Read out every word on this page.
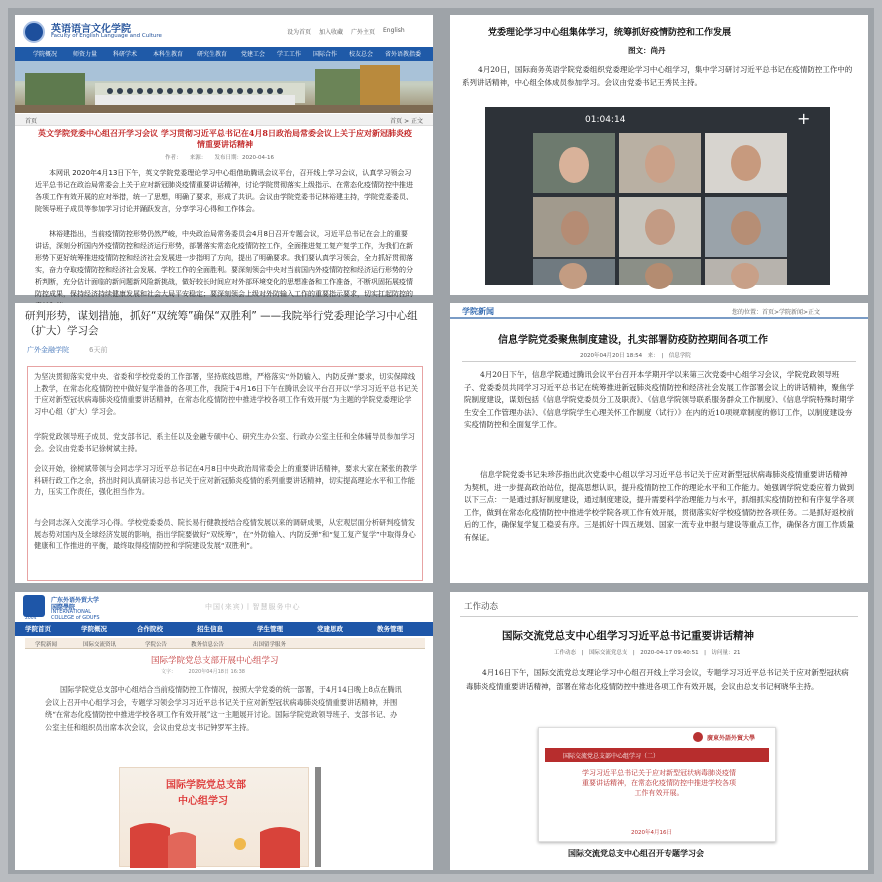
英语语言文化学院
Faculty of English Language and Culture	设为首页 加入收藏 广外主页 English
学院概况	师资力量	科研学术	本科生教育 研究生教育 党建工会 学工工作 国际合作 校友总会 省外语教指委
首页	首页 > 正文
英文学院党委中心组召开学习会议 学习贯彻习近平总书记在4月8日政治局常委会议上关于应对新冠肺炎疫情重要讲话精神
作者：　　来源：　　发布日期：2020-04-16
本网讯 2020年4月13日下午，英文学院党委理论学习中心组借助腾讯会议平台，召开线上学习会议，认真学习领会习近平总书记在政治局常委会上关于应对新冠肺炎疫情重要讲话精神，讨论学院贯彻落实上级指示、在常态化疫情防控中推进各项工作有效开展的应对举措，统一了思想，明确了要求，形成了共识。会议由学院党委书记林裕建主持，学院党委委员、院领导班子成员等参加学习讨论并踊跃发言，分享学习心得和工作体会。
林裕建指出，当前疫情防控形势仍然严峻，中央政治局常务委员会4月8日召开专题会议，习近平总书记在会上的重要讲话，深刻分析国内外疫情防控和经济运行形势，部署落实常态化疫情防控工作，全面推进复工复产复学工作，为我们在新形势下更好统筹推进疫情防控和经济社会发展进一步指明了方向，提出了明确要求。我们要认真学习领会，全力抓好贯彻落实，奋力夺取疫情防控和经济社会发展、学校工作的全面胜利。要深刻领会中央对当前国内外疫情防控和经济运行形势的分析判断，充分估计面临的新问题新风险新挑战，做好较长时间应对外部环境变化的思想准备和工作准备，不断巩固拓展疫情防控成果，保持经济持续健康发展和社会大局平安稳定；要深刻领会上级对外防输入工作的重要指示要求，切实扛起防控的
党委理论学习中心组集体学习，统筹抓好疫情防控和工作发展
图文：尚丹
4月20日，国际商务英语学院党委组织党委理论学习中心组学习，集中学习研讨习近平总书记在疫情防控工作中的系列讲话精神，中心组全体成员参加学习。会议由党委书记王秀民主持。
01:04:14	+
研判形势，谋划措施，抓好“双统筹”确保“双胜利” ——我院举行党委理论学习中心组（扩大）学习会
广外金融学院	6天前
为坚决贯彻落实党中央、省委和学校党委的工作部署，坚持底线思维，严格落实“外防输入、内防反弹”要求，切实保障线上教学，在常态化疫情防控中做好复学准备的各项工作，我院于4月16日下午在腾讯会议平台召开以“学习习近平总书记关于应对新型冠状病毒肺炎疫情重要讲话精神，在常态化疫情防控中推进学校各项工作有效开展”为主题的学院党委理论学习中心组（扩大）学习会。
学院党政领导班子成员、党支部书记、系主任以及金融专硕中心、研究生办公室、行政办公室主任和全体辅导员参加学习会。会议由党委书记徐树斌主持。
会议开始，徐树斌带领与会同志学习习近平总书记在4月8日中央政治局常委会上的重要讲话精神，要求大家在紧张的教学科研行政工作之余，挤出时间认真研读习总书记关于应对新冠肺炎疫情的系列重要讲话精神，切实提高理论水平和工作能力，压实工作责任，强化担当作为。
与会同志深入交流学习心得。学校党委委员、院长易行健教授结合疫情发展以来的调研成果，从宏观层面分析研判疫情发展态势对国内及全球经济发展的影响，指出学院要做好“双统筹”，在“外防输入、内防反弹”和“复工复产复学”中取得身心健康和工作推进的平衡，最终取得疫情防控和学院建设发展“双胜利”。
学院新闻	您的位置：首页>学院新闻>正文
信息学院党委聚焦制度建设，扎实部署防疫防控期间各项工作
2020年04月20日 18:54　来：　|　信息学院
4月20日下午，信息学院通过腾讯会议平台召开本学期开学以来第三次党委中心组学习会议，学院党政领导班子、党委委员共同学习习近平总书记在统筹推进新冠肺炎疫情防控和经济社会发展工作部署会议上的讲话精神，聚焦学院制度建设，谋划包括《信息学院党委员分工及职责》、《信息学院领导联系服务群众工作制度》、《信息学院特殊时期学生安全工作管理办法》、《信息学院学生心理关怀工作制度（试行）》在内的近10项规章制度的修订工作，以制度建设夯实疫情防控和全面复学工作。
信息学院党委书记朱珍莎指出此次党委中心组以学习习近平总书记关于应对新型冠状病毒肺炎疫情重要讲话精神为契机，进一步提高政治站位，提高思想认识，提升疫情防控工作的理论水平和工作能力。她强调学院党委应着力做到以下三点：一是通过抓好制度建设，通过制度建设，提升需要科学治理能力与水平，抓细抓实疫情防控和有序复学各项工作，做到在常态化疫情防控中推进学校学院各项工作有效开展，贯彻落实好学校疫情防控各项任务。二是抓好返校前后的工作，确保复学复工稳妥有序。三是抓好十四五规划、国家一流专业申报与建设等重点工作，确保各方面工作质量有保证。
2004
广东外语外贸大学
国際學院
INTERNATIONAL
COLLEGE of GDUFS
中国(来宾)丨智慧服务中心
学院首页	学院概况	合作院校	招生信息	学生管理	党建思政	教务管理
学院新闻	国际交流资讯	学院公告	教务信息公告	出国留学服务
国际学院党总支部开展中心组学习
文字：　　　2020年04月18日 16:38
国际学院党总支部中心组结合当前疫情防控工作情况，按照大学党委的统一部署，于4月14日晚上8点在腾讯会议上召开中心组学习会，专题学习领会学习习近平总书记关于应对新型冠状病毒肺炎疫情重要讲话精神，并围绕“在常态化疫情防控中推进学校各项工作有效开展”这一主题展开讨论。国际学院党政领导班子、支部书记、办公室主任和组织员出席本次会议，会议由党总支书记钟罗军主持。
国际学院党总支部
中心组学习
工作动态
国际交流党总支中心组学习习近平总书记重要讲话精神
工作动态　|　国际交流党总支　|　2020-04-17 09:40:51　|　访问量：21
4月16日下午，国际交流党总支理论学习中心组召开线上学习会议，专题学习习近平总书记关于应对新型冠状病毒肺炎疫情重要讲话精神，部署在常态化疫情防控中推进各项工作有效开展，会议由总支书记柯晓华主持。
廣東外語外貿大學
国际交流党总支部中心组学习（二）
学习习近平总书记关于应对新型冠状病毒肺炎疫情重要讲话精神，在常态化疫情防控中推进学校各项工作有效开展。
2020年4月16日
国际交流党总支中心组召开专题学习会
